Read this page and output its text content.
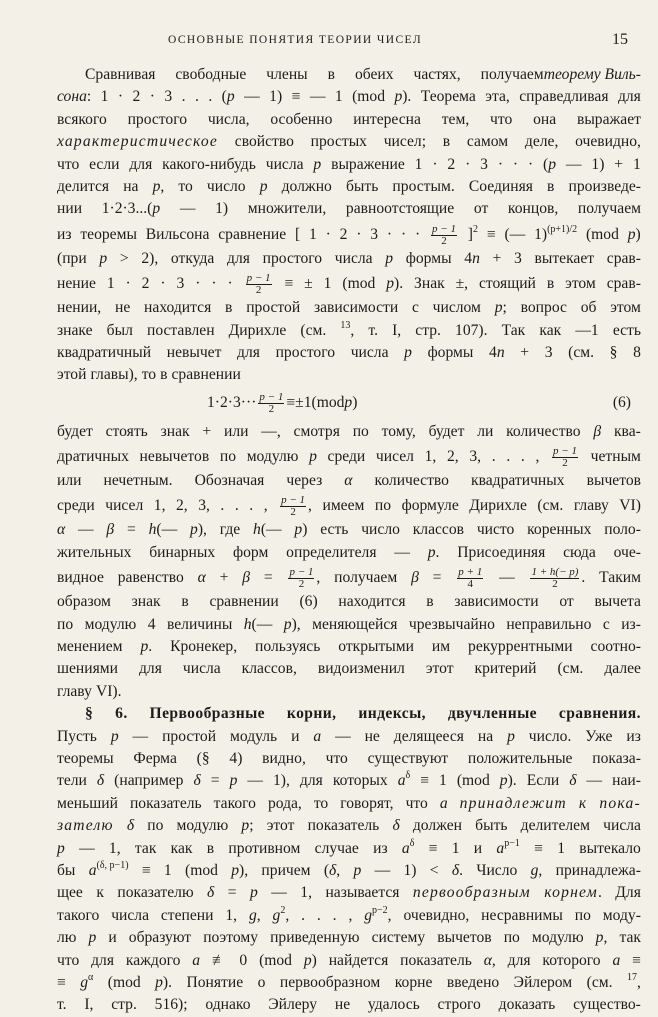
ОСНОВНЫЕ ПОНЯТИЯ ТЕОРИИ ЧИСЕЛ	15
Сравнивая свободные члены в обеих частях, получаемтеорему Виль-
сона: 1 · 2 · 3 . . . (p — 1) ≡ — 1 (mod p). Теорема эта, справедливая для
всякого простого числа, особенно интересна тем, что она выражает
характеристическое свойство простых чисел; в самом деле, очевидно,
что если для какого-нибудь числа p выражение 1 · 2 · 3 · · · (p — 1) + 1
делится на p, то число p должно быть простым. Соединяя в произведе-
нии 1·2·3...(p — 1) множители, равноотстоящие от концов, получаем
из теоремы Вильсона сравнение [ 1 · 2 · 3 · · · $\frac{p - 1}{2} ]^2$ ≡ (— 1)$^{(p+1)/2}$ (mod p)
(при p > 2), откуда для простого числа p формы 4n + 3 вытекает срав-
нение 1 · 2 · 3 · · · $\frac{p - 1}{2}$ ≡ ± 1 (mod p). Знак ±, стоящий в этом срав-
нении, не находится в простой зависимости с числом p; вопрос об этом
знаке был поставлен Дирихле (см. $^{13}$, т. I, стр. 107). Так как —1 есть
квадратичный невычет для простого числа p формы 4n + 3 (см. § 8
этой главы), то в сравнении
1 · 2 · 3 · · · $\frac{p - 1}{2}$ ≡ ± 1 (mod p)	(6)
будет стоять знак + или —, смотря по тому, будет ли количество β ква-
дратичных невычетов по модулю p среди чисел 1, 2, 3, . . . , $\frac{p - 1}{2}$ четным
или нечетным. Обозначая через α количество квадратичных вычетов
среди чисел 1, 2, 3, . . . , $\frac{p - 1}{2}$ , имеем по формуле Дирихле (см. главу VI)
α — β = h(— p), где h(— p) есть число классов чисто коренных поло-
жительных бинарных форм определителя — p. Присоединяя сюда оче-
видное равенство $\alpha + \beta = \frac{p - 1}{2}$ , получаем $\beta = \frac{p + 1}{4}$ — $\frac{1 + h(- p)}{2}$ . Таким
образом знак в сравнении (6) находится в зависимости от вычета
по модулю 4 величины h(— p), меняющейся чрезвычайно неправильно с из-
менением p. Кронекер, пользуясь открытыми им рекуррентными соотно-
шениями для числа классов, видоизменил этот критерий (см. далее
главу VI).
§ 6. Первообразные корни, индексы, двучленные сравнения.
Пусть p — простой модуль и a — не делящееся на p число. Уже из
теоремы Ферма (§ 4) видно, что существуют положительные показа-
тели δ (например δ = p — 1), для которых $a^\delta \equiv 1$ (mod p). Если δ — наи-
меньший показатель такого рода, то говорят, что a принадлежит к пока-
зателю δ по модулю p; этот показатель δ должен быть делителем числа
p — 1, так как в противном случае из $a^\delta \equiv 1$ и $a^{p-1} \equiv 1$ вытекало
бы $a^{(\delta, p-1)} \equiv 1$ (mod p), причем (δ, p — 1) < δ. Число g, принадлежа-
щее к показателю δ = p — 1, называется первообразным корнем. Для
такого числа степени 1, g, $g^2$, . . . , $g^{p-2}$, очевидно, несравнимы по моду-
лю p и образуют поэтому приведенную систему вычетов по модулю p, так
что для каждого a ≢ 0 (mod p) найдется показатель α, для которого a ≡
≡ $g^\alpha$ (mod p). Понятие о первообразном корне введено Эйлером (см. $^{17}$,
т. I, стр. 516); однако Эйлеру не удалось строго доказать существо-
